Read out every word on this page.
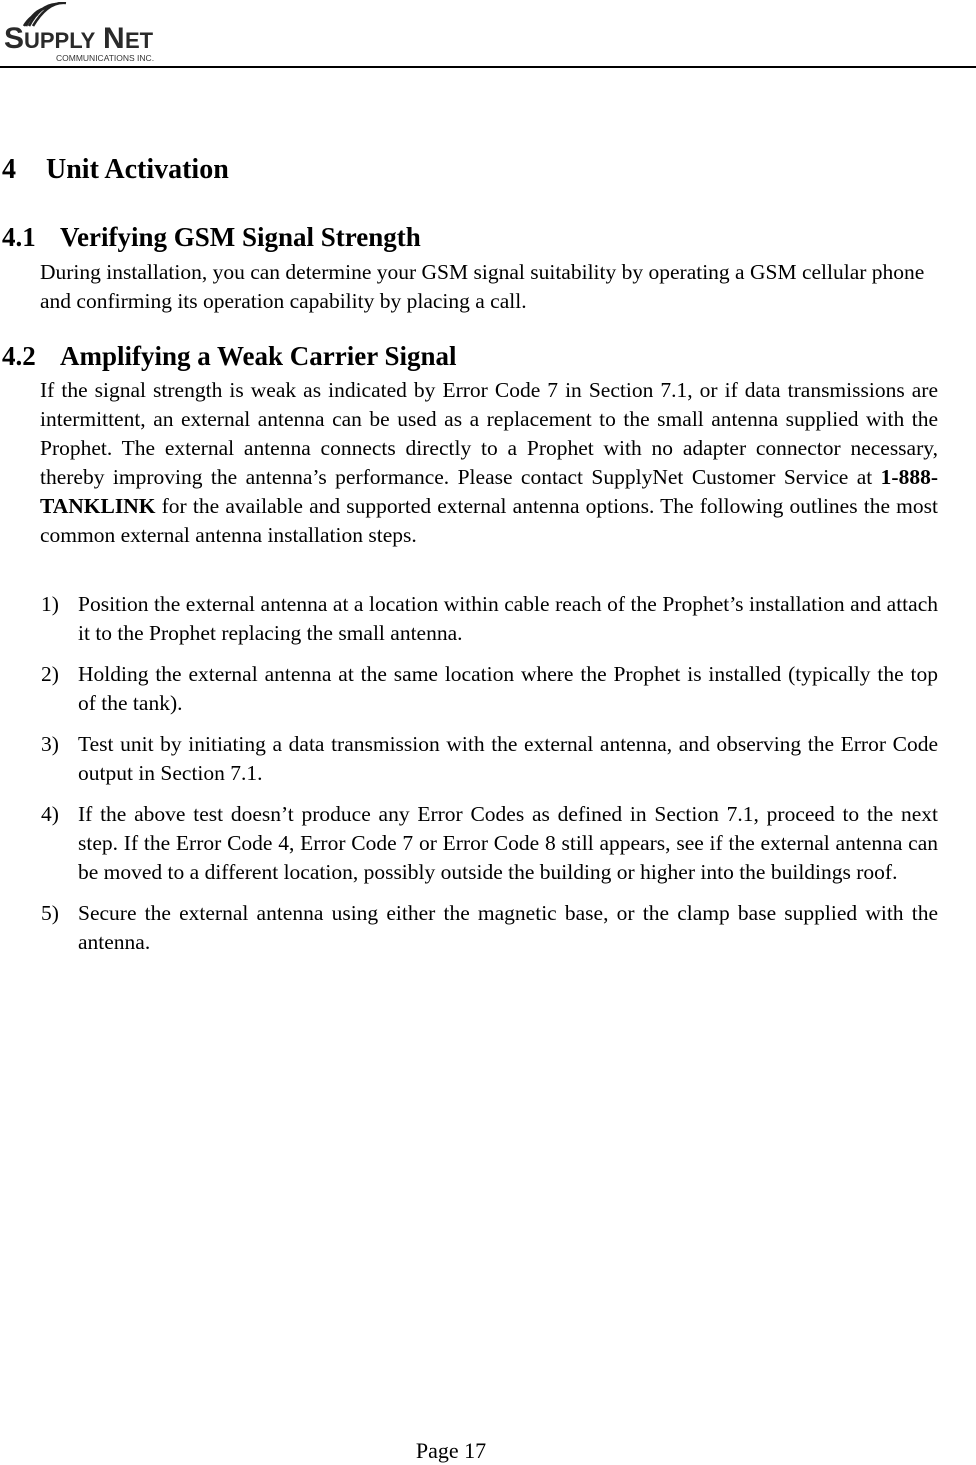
S UPPLY N ET
COMMUNICATIONS INC.
4 Unit Activation
4.1 Verifying GSM Signal Strength

During installation, you can determine your GSM signal suitability by operating a GSM cellular phone and confirming its operation capability by placing a call.

4.2 Amplifying a Weak Carrier Signal

If the signal strength is weak as indicated by Error Code 7 in Section 7.1, or if data transmissions are intermittent, an external antenna can be used as a replacement to the small antenna supplied with the Prophet. The external antenna connects directly to a Prophet with no adapter connector necessary, thereby improving the antenna’s performance. Please contact SupplyNet Customer Service at 1-888-TANKLINK for the available and supported external antenna options. The following outlines the most common external antenna installation steps.

1) Position the external antenna at a location within cable reach of the Prophet’s installation and attach it to the Prophet replacing the small antenna.
2) Holding the external antenna at the same location where the Prophet is installed (typically the top of the tank).
3) Test unit by initiating a data transmission with the external antenna, and observing the Error Code output in Section 7.1.
4) If the above test doesn’t produce any Error Codes as defined in Section 7.1, proceed to the next step. If the Error Code 4, Error Code 7 or Error Code 8 still appears, see if the external antenna can be moved to a different location, possibly outside the building or higher into the buildings roof.
5) Secure the external antenna using either the magnetic base, or the clamp base supplied with the antenna.
Page 17
